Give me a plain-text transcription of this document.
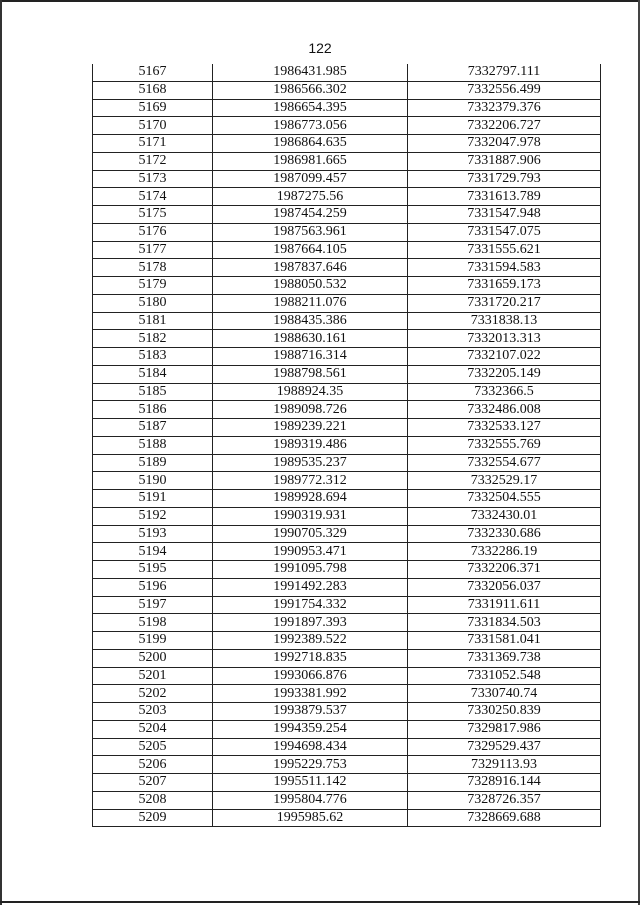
122
5167	1986431.985	7332797.111
5168	1986566.302	7332556.499
5169	1986654.395	7332379.376
5170	1986773.056	7332206.727
5171	1986864.635	7332047.978
5172	1986981.665	7331887.906
5173	1987099.457	7331729.793
5174	1987275.56	7331613.789
5175	1987454.259	7331547.948
5176	1987563.961	7331547.075
5177	1987664.105	7331555.621
5178	1987837.646	7331594.583
5179	1988050.532	7331659.173
5180	1988211.076	7331720.217
5181	1988435.386	7331838.13
5182	1988630.161	7332013.313
5183	1988716.314	7332107.022
5184	1988798.561	7332205.149
5185	1988924.35	7332366.5
5186	1989098.726	7332486.008
5187	1989239.221	7332533.127
5188	1989319.486	7332555.769
5189	1989535.237	7332554.677
5190	1989772.312	7332529.17
5191	1989928.694	7332504.555
5192	1990319.931	7332430.01
5193	1990705.329	7332330.686
5194	1990953.471	7332286.19
5195	1991095.798	7332206.371
5196	1991492.283	7332056.037
5197	1991754.332	7331911.611
5198	1991897.393	7331834.503
5199	1992389.522	7331581.041
5200	1992718.835	7331369.738
5201	1993066.876	7331052.548
5202	1993381.992	7330740.74
5203	1993879.537	7330250.839
5204	1994359.254	7329817.986
5205	1994698.434	7329529.437
5206	1995229.753	7329113.93
5207	1995511.142	7328916.144
5208	1995804.776	7328726.357
5209	1995985.62	7328669.688
